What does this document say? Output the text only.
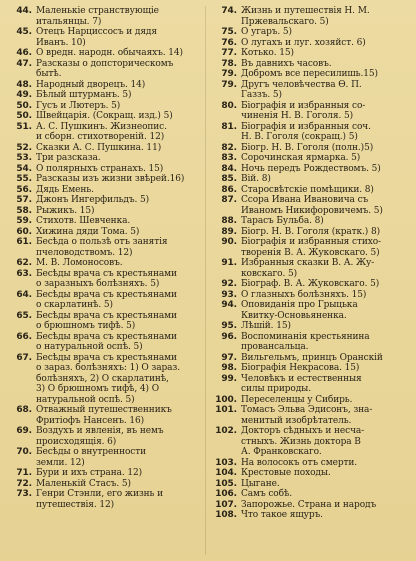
44. Маленькіе странствующіе
итальянцы. 7)
45. Отецъ Нарциссосъ и дядя
Иванъ. 10)
46. О вредн. народн. обычаяхъ. 14)
47. Разсказы о допсторическомъ
бытѣ.
48. Народный дворецъ. 14)
49. Бѣлый штурманъ. 5)
50. Гусъ и Лютеръ. 5)
50. Швейцарія. (Сокращ. изд.) 5)
51. А. С. Пушкинъ. Жизнеопис.
и сборн. стихотвореній. 12)
52. Сказки А. С. Пушкина. 11)
53. Три разсказа.
54. О полярныхъ странахъ. 15)
55. Разсказы изъ жизни звѣрей.16)
56. Дядь Емень.
57. Джонъ Ингерфильдъ. 5)
58. Рыжикъ. 15)
59. Стихотв. Шевченка.
60. Хижина дяди Тома. 5)
61. Бесѣда о пользѣ отъ занятія
пчеловодствомъ. 12)
62. М. В. Ломоносовъ.
63. Бесѣды врача съ крестьянами
о заразныхъ болѣзняхъ. 5)
64. Бесѣды врача съ крестьянами
о скарлатинѣ. 5)
65. Бесѣды врача съ крестьянами
о брюшномъ тифѣ. 5)
66. Бесѣды врача съ крестьянами
о натуральной оспѣ. 5)
67. Бесѣды врача съ крестьянами
о зараз. болѣзняхъ: 1) О зараз.
болѣзняхъ, 2) О скарлатинѣ,
3) О брюшномъ тифѣ, 4) О
натуральной оспѣ. 5)
68. Отважный путешественникъ
Фритіофъ Нансенъ. 16)
69. Воздухъ и явленія, въ немъ
происходящія. 6)
70. Бесѣды о внутренности
земли. 12)
71. Бури и ихъ страна. 12)
72. Маленькій Стасъ. 5)
73. Генри Стэнли, его жизнь и
путешествія. 12)
74. Жизнь и путешествія Н. М.
Пржевальскаго. 5)
75. О угаръ. 5)
76. О лугахъ и луг. хозяйст. 6)
77. Котько. 15)
78. Въ давнихъ часовъ.
79. Добромъ все пересилишь.15)
79. Другъ человѣчества Ѳ. П.
Газзъ. 5)
80. Біографія и избранныя со-
чиненія Н. В. Гоголя. 5)
81. Біографія и избранныя соч.
Н. В. Гоголя (сокращ.) 5)
82. Біогр. Н. В. Гоголя (полн.)5)
83. Сорочинская ярмарка. 5)
84. Ночь передъ Рождествомъ. 5)
85. Вій. 8)
86. Старосвѣтскіе помѣщики. 8)
87. Ссора Ивана Ивановича съ
Иваномъ Никифоровичемъ. 5)
88. Тарасъ Бульба. 8)
89. Біогр. Н. В. Гоголя (кратк.) 8)
90. Біографія и избранныя стихо-
творенія В. А. Жуковскаго. 5)
91. Избранныя сказки В. А. Жу-
ковскаго. 5)
92. Біограф. В. А. Жуковскаго. 5)
93. О глазныхъ болѣзняхъ. 15)
94. Оповиданія про Грыцька
Квитку-Основьяненка.
95. Лѣшій. 15)
96. Воспоминанія крестьянина
провансальца.
97. Вильгельмъ, принцъ Оранскій
98. Біографія Некрасова. 15)
99. Человѣкъ и естественныя
силы природы.
100. Переселенцы у Сибирь.
101. Томасъ Эльва Эдисонъ, зна-
менитый изобрѣтатель.
102. Докторъ сѣдныхъ и несча-
стныхъ. Жизнь доктора В
А. Франковскаго.
103. На волосокъ отъ смерти.
104. Крестовые походы.
105. Цыгане.
106. Самъ собѣ.
107. Запорожье. Страна и народъ
108. Что такое ящуръ.
